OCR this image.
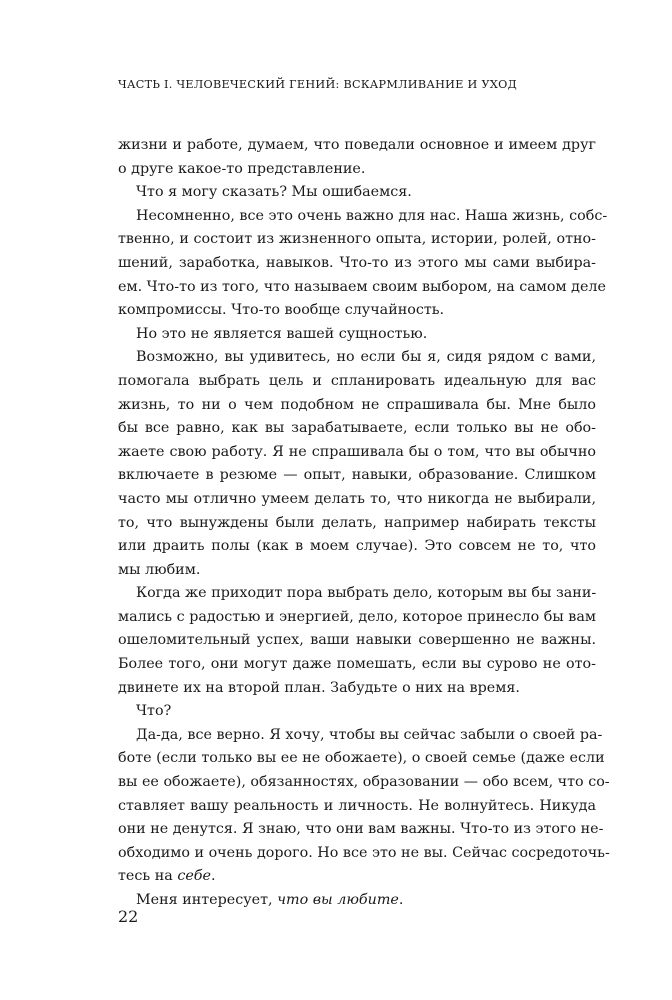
ЧАСТЬ I. ЧЕЛОВЕЧЕСКИЙ ГЕНИЙ: ВСКАРМЛИВАНИЕ И УХОД
жизни и работе, думаем, что поведали основное и имеем друг
о друге какое-то представление.
Что я могу сказать? Мы ошибаемся.
Несомненно, все это очень важно для нас. Наша жизнь, собс-
твенно, и состоит из жизненного опыта, истории, ролей, отно-
шений, заработка, навыков. Что-то из этого мы сами выбира-
ем. Что-то из того, что называем своим выбором, на самом деле
компромиссы. Что-то вообще случайность.
Но это не является вашей сущностью.
Возможно, вы удивитесь, но если бы я, сидя рядом с вами,
помогала выбрать цель и спланировать идеальную для вас
жизнь, то ни о чем подобном не спрашивала бы. Мне было
бы все равно, как вы зарабатываете, если только вы не обо-
жаете свою работу. Я не спрашивала бы о том, что вы обычно
включаете в резюме — опыт, навыки, образование. Слишком
часто мы отлично умеем делать то, что никогда не выбирали,
то, что вынуждены были делать, например набирать тексты
или драить полы (как в моем случае). Это совсем не то, что
мы любим.
Когда же приходит пора выбрать дело, которым вы бы зани-
мались с радостью и энергией, дело, которое принесло бы вам
ошеломительный успех, ваши навыки совершенно не важны.
Более того, они могут даже помешать, если вы сурово не ото-
двинете их на второй план. Забудьте о них на время.
Что?
Да-да, все верно. Я хочу, чтобы вы сейчас забыли о своей ра-
боте (если только вы ее не обожаете), о своей семье (даже если
вы ее обожаете), обязанностях, образовании — обо всем, что со-
ставляет вашу реальность и личность. Не волнуйтесь. Никуда
они не денутся. Я знаю, что они вам важны. Что-то из этого не-
обходимо и очень дорого. Но все это не вы. Сейчас сосредоточь-
тесь на себе.
Меня интересует, что вы любите.
22
